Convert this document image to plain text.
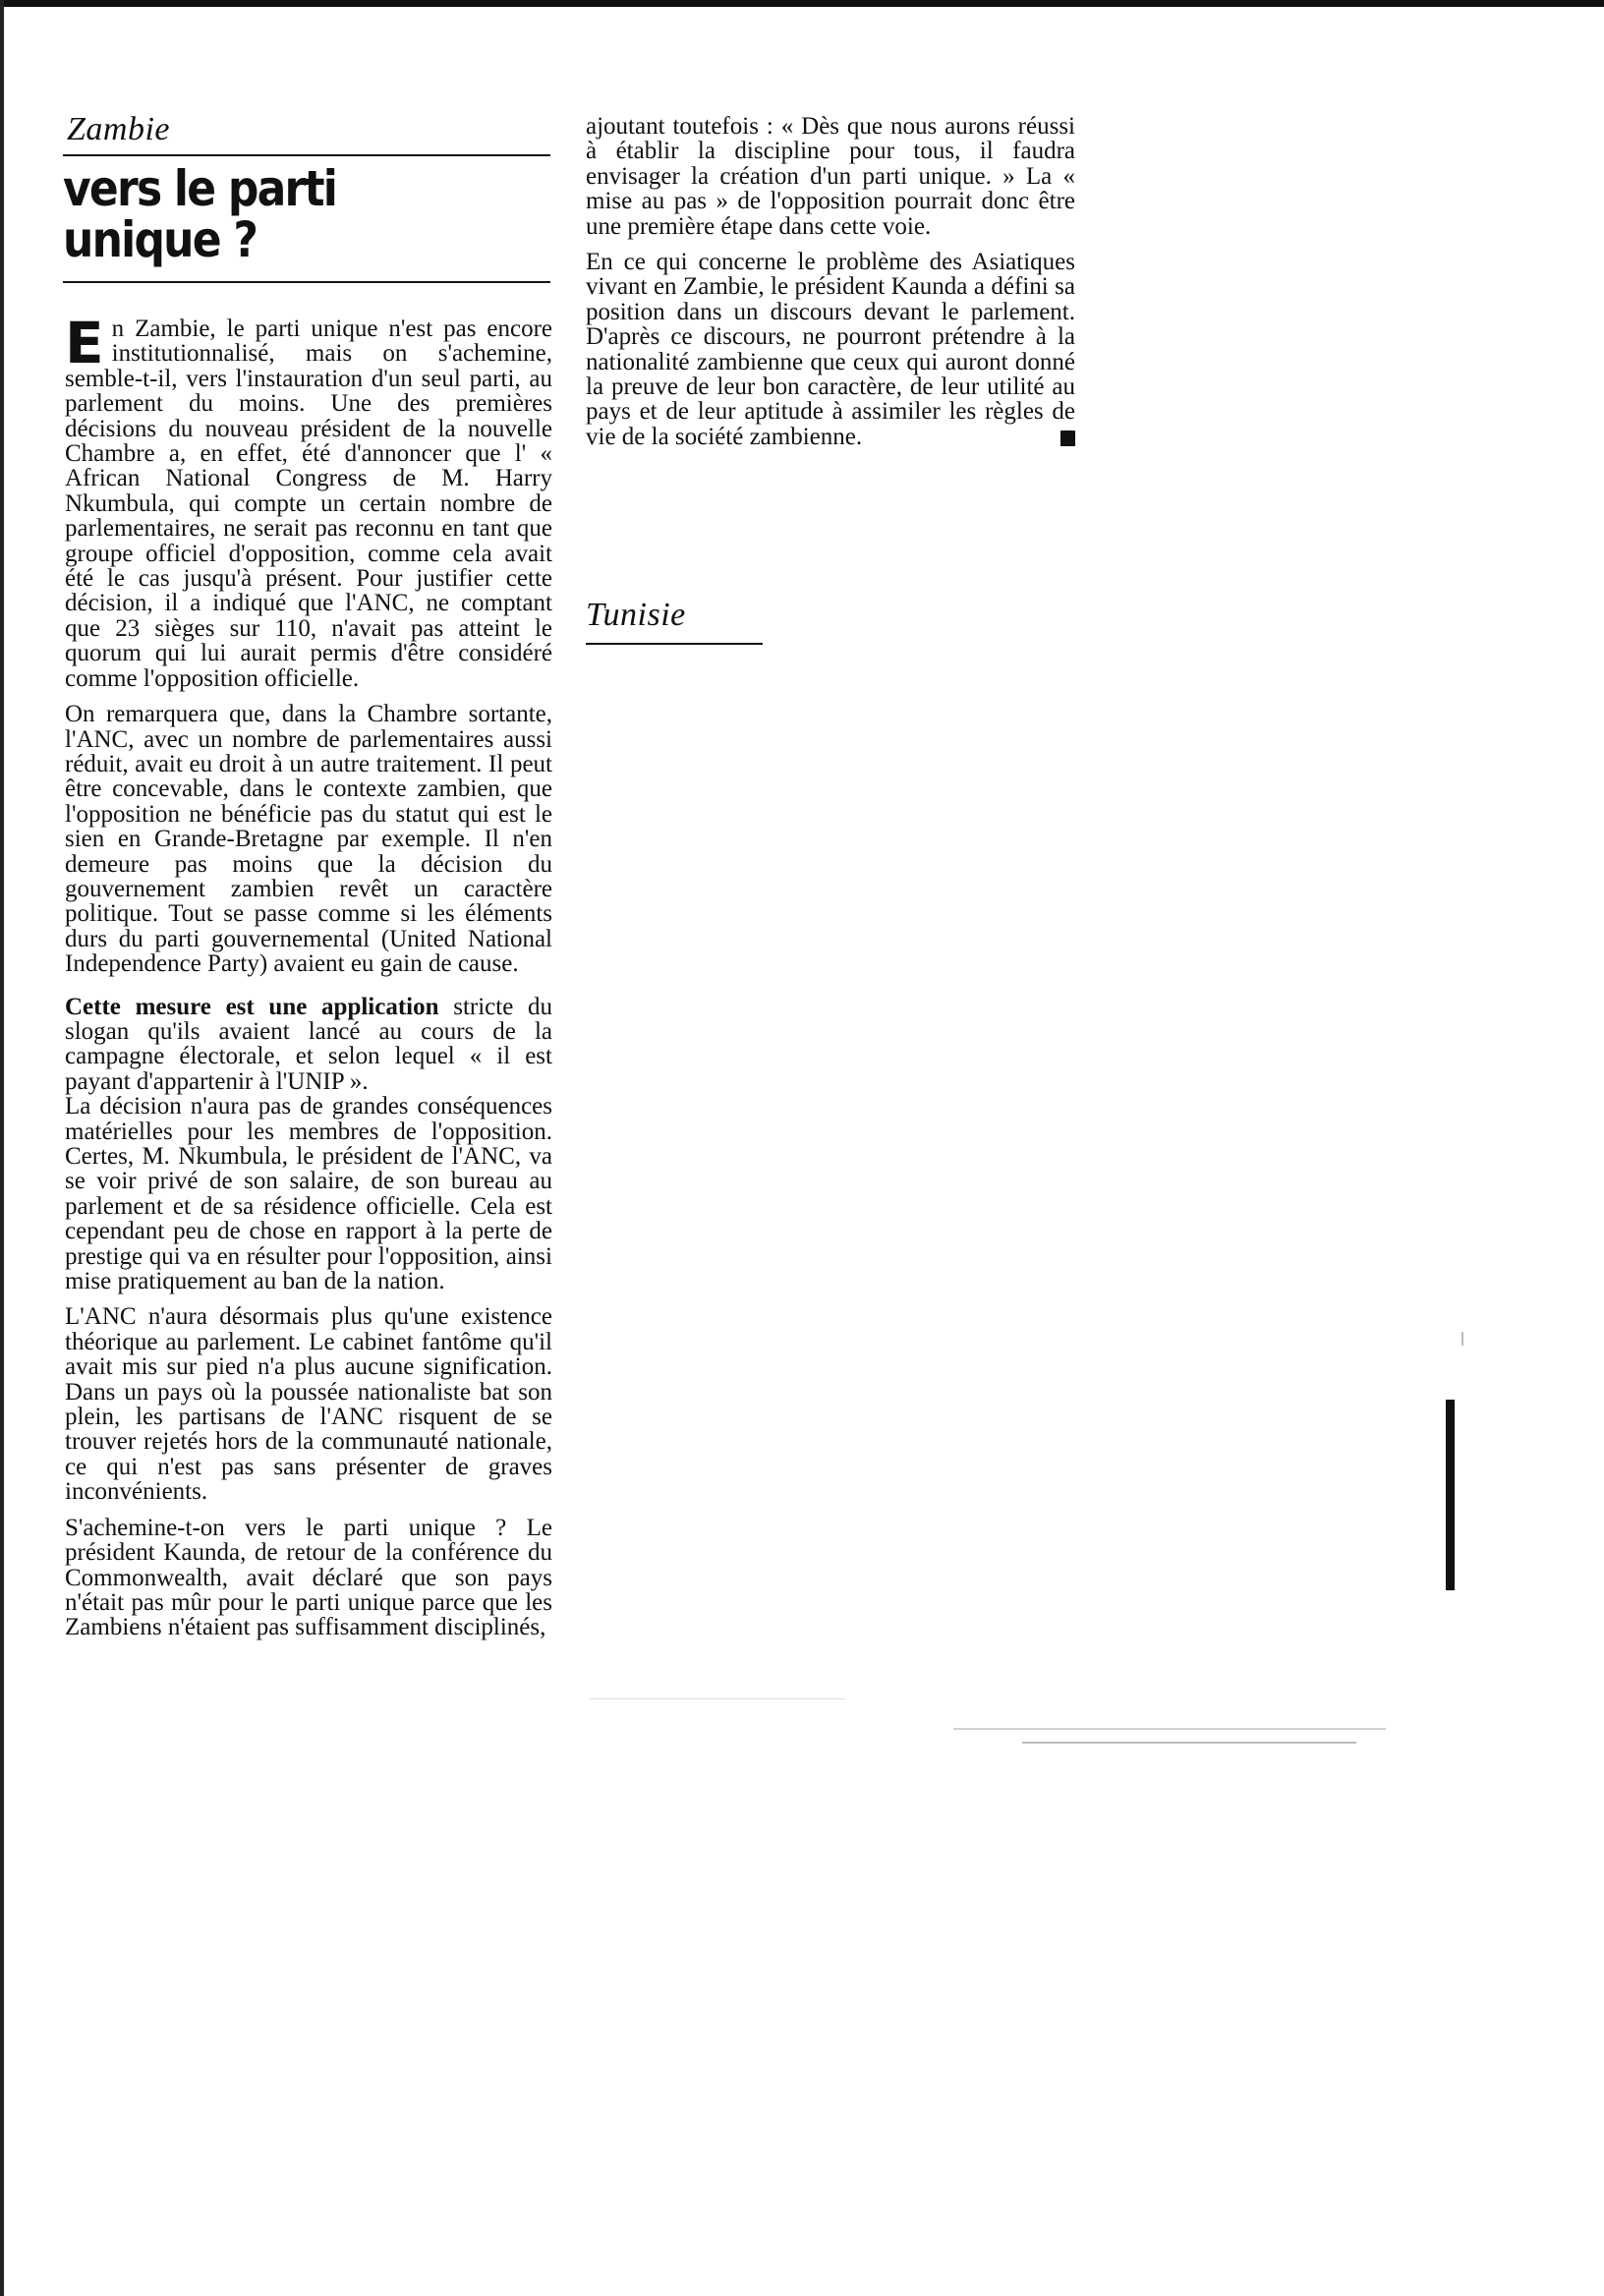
Zambie
vers le parti unique ?

En Zambie, le parti unique n'est pas encore institutionnalisé, mais on s'achemine, semble-t-il, vers l'instauration d'un seul parti, au parlement du moins. Une des premières décisions du nouveau président de la nouvelle Chambre a, en effet, été d'annoncer que l' « African National Congress de M. Harry Nkumbula, qui compte un certain nombre de parlementaires, ne serait pas reconnu en tant que groupe officiel d'opposition, comme cela avait été le cas jusqu'à présent. Pour justifier cette décision, il a indiqué que l'ANC, ne comptant que 23 sièges sur 110, n'avait pas atteint le quorum qui lui aurait permis d'être considéré comme l'opposition officielle.

On remarquera que, dans la Chambre sortante, l'ANC, avec un nombre de parlementaires aussi réduit, avait eu droit à un autre traitement. Il peut être concevable, dans le contexte zambien, que l'opposition ne bénéficie pas du statut qui est le sien en Grande-Bretagne par exemple. Il n'en demeure pas moins que la décision du gouvernement zambien revêt un caractère politique. Tout se passe comme si les éléments durs du parti gouvernemental (United National Independence Party) avaient eu gain de cause.

Cette mesure est une application stricte du slogan qu'ils avaient lancé au cours de la campagne électorale, et selon lequel « il est payant d'appartenir à l'UNIP ».

La décision n'aura pas de grandes conséquences matérielles pour les membres de l'opposition. Certes, M. Nkumbula, le président de l'ANC, va se voir privé de son salaire, de son bureau au parlement et de sa résidence officielle. Cela est cependant peu de chose en rapport à la perte de prestige qui va en résulter pour l'opposition, ainsi mise pratiquement au ban de la nation.

L'ANC n'aura désormais plus qu'une existence théorique au parlement. Le cabinet fantôme qu'il avait mis sur pied n'a plus aucune signification. Dans un pays où la poussée nationaliste bat son plein, les partisans de l'ANC risquent de se trouver rejetés hors de la communauté nationale, ce qui n'est pas sans présenter de graves inconvénients.

S'achemine-t-on vers le parti unique ? Le président Kaunda, de retour de la conférence du Commonwealth, avait déclaré que son pays n'était pas mûr pour le parti unique parce que les Zambiens n'étaient pas suffisamment disciplinés,

ajoutant toutefois : « Dès que nous aurons réussi à établir la discipline pour tous, il faudra envisager la création d'un parti unique. » La « mise au pas » de l'opposition pourrait donc être une première étape dans cette voie.

En ce qui concerne le problème des Asiatiques vivant en Zambie, le président Kaunda a défini sa position dans un discours devant le parlement. D'après ce discours, ne pourront prétendre à la nationalité zambienne que ceux qui auront donné la preuve de leur bon caractère, de leur utilité au pays et de leur aptitude à assimiler les règles de vie de la société zambienne.

Tunisie
